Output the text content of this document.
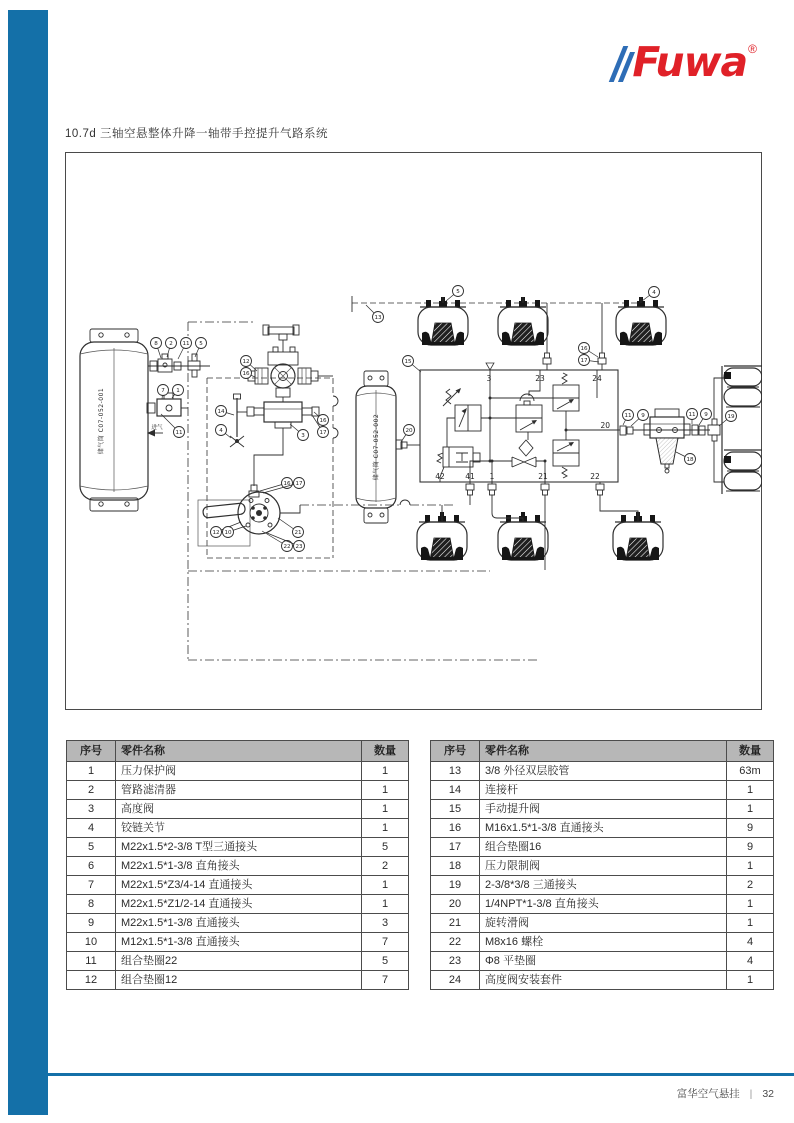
Fuwa ®
10.7d 三轴空悬整体升降一轴带手控提升气路系统
储气筒 C07-052-001	进气	储气筒 C07-052-002
3	23	24
42	41 1	21	22
20
8 2 11 5
7 1
11
12
16
14
4
16
17
3
16 17
12 10	21
22 23
13
15
20
5	4
16
17
11 9
18
11 9	19
序号	零件名称	数量
1	压力保护阀	1
2	管路滤清器	1
3	高度阀	1
4	铰链关节	1
5	M22x1.5*2-3/8 T型三通接头	5
6	M22x1.5*1-3/8 直角接头	2
7	M22x1.5*Z3/4-14 直通接头	1
8	M22x1.5*Z1/2-14 直通接头	1
9	M22x1.5*1-3/8 直通接头	3
10	M12x1.5*1-3/8 直通接头	7
11	组合垫圈22	5
12	组合垫圈12	7
序号	零件名称	数量
13	3/8 外径双层胶管	63m
14	连接杆	1
15	手动提升阀	1
16	M16x1.5*1-3/8 直通接头	9
17	组合垫圈16	9
18	压力限制阀	1
19	2-3/8*3/8 三通接头	2
20	1/4NPT*1-3/8 直角接头	1
21	旋转滑阀	1
22	M8x16 螺栓	4
23	Φ8 平垫圈	4
24	高度阀安装套件	1
富华空气悬挂 | 32
